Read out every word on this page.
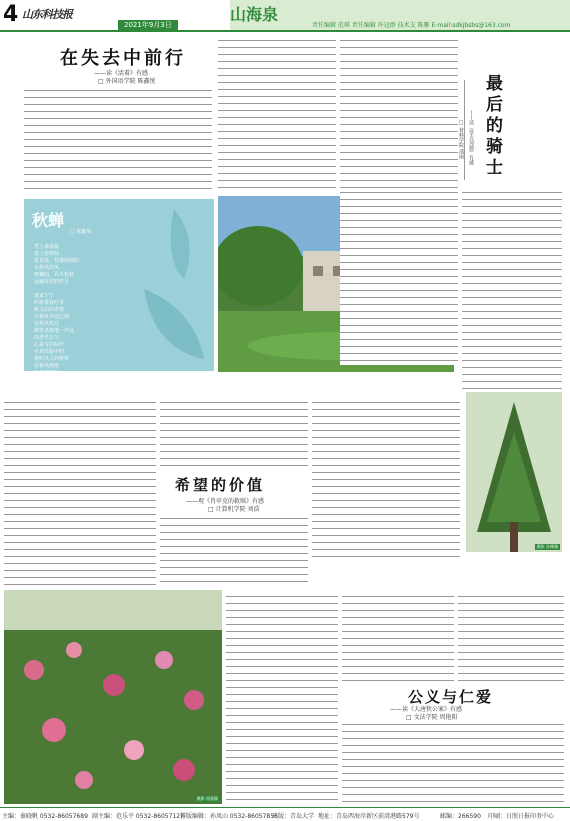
4 山东科技报
2021年9月3日
山海泉
责任编辑 范琪 责任编辑 许冠群 技术支 陈雁 E-mail:sdkjbsbs@163.com
在失去中前行
——读《活着》有感
□ 外国语学院 陈鑫悦
秋蝉
□ 张颖曼
凭上斋春最
落上看树枝
星星落，枯萎前秋阳
在秋风的风
斑斓前，乔木松枝
远嫁发村的岁月

谁家宁宁
叫着幕枝叶节
鲜又前的青春
在秋风旁边已到
在秋风吹过
鲜蓝老雨笔一声乱
四季老去与
心是写的枯叶
在青涯路中的
谁叫又人的秋秋
在秋风秋雨
自主地的秋
最后的骑士
——读《堂吉诃德》有感
□ 材料学院 邵雨
摄影 孙柳珊
希望的价值
——观《肖申克的救赎》有感
□ 计算机学院 刘浩
摄影 邢嘉颖
公义与仁爱
——读《大唐狄公案》有感
□ 文法学院 周艳阳
主编：秦晓帆 0532-86057689 副主编：范乐平 0532-86057127
排版编辑：孙凤山 0532-86057856
出版：青岛大学 地址：青岛西海岸新区前湾港路579号	邮编：266590 印刷：日照日报印务中心
